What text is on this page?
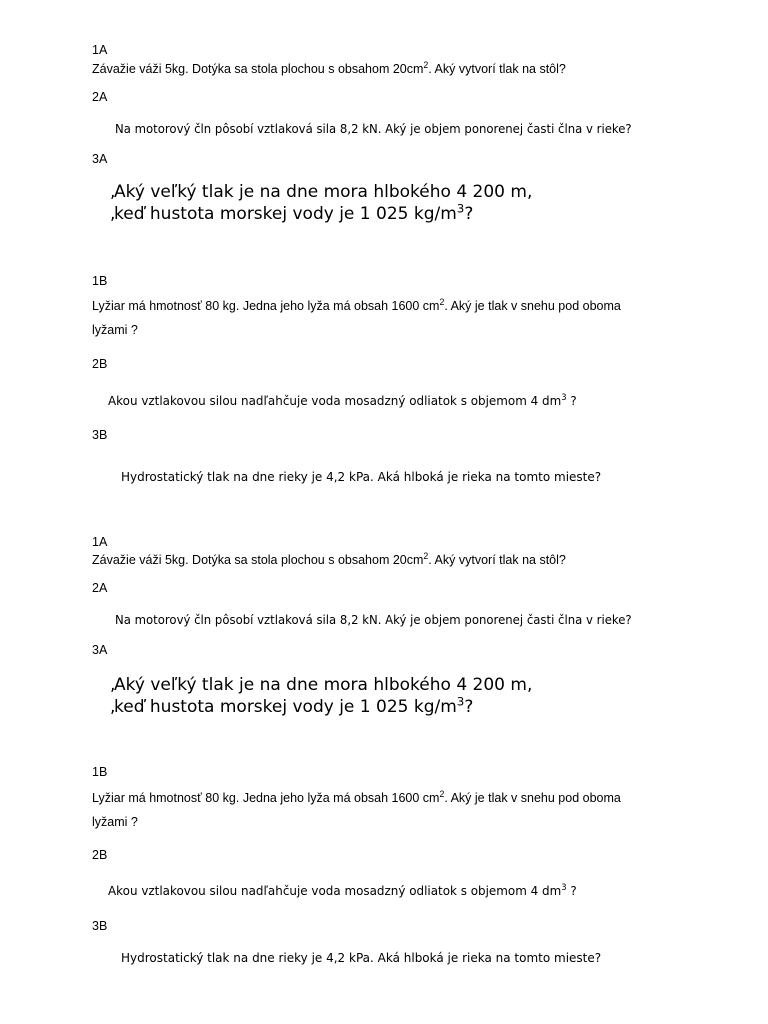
1A

Závažie váži 5kg. Dotýka sa stola plochou s obsahom $20cm^2$. Aký vytvorí tlak na stôl?

2A

Na motorový čln pôsobí vztlaková sila 8,2 kN. Aký je objem ponorenej časti člna v rieke?

3A

,Aký veľký tlak je na dne mora hlbokého 4 200 m,
,keď hustota morskej vody je 1 025 $kg/m^3$?

1B

Lyžiar má hmotnosť 80 kg. Jedna jeho lyža má obsah 1600 $cm^2$. Aký je tlak v snehu pod oboma
lyžami ?

2B

Akou vztlakovou silou nadľahčuje voda mosadzný odliatok s objemom 4 $dm^3$ ?

3B

Hydrostatický tlak na dne rieky je 4,2 kPa. Aká hlboká je rieka na tomto mieste?

1A

Závažie váži 5kg. Dotýka sa stola plochou s obsahom $20cm^2$. Aký vytvorí tlak na stôl?

2A

Na motorový čln pôsobí vztlaková sila 8,2 kN. Aký je objem ponorenej časti člna v rieke?

3A

,Aký veľký tlak je na dne mora hlbokého 4 200 m,
,keď hustota morskej vody je 1 025 $kg/m^3$?

1B

Lyžiar má hmotnosť 80 kg. Jedna jeho lyža má obsah 1600 $cm^2$. Aký je tlak v snehu pod oboma
lyžami ?

2B

Akou vztlakovou silou nadľahčuje voda mosadzný odliatok s objemom 4 $dm^3$ ?

3B

Hydrostatický tlak na dne rieky je 4,2 kPa. Aká hlboká je rieka na tomto mieste?
